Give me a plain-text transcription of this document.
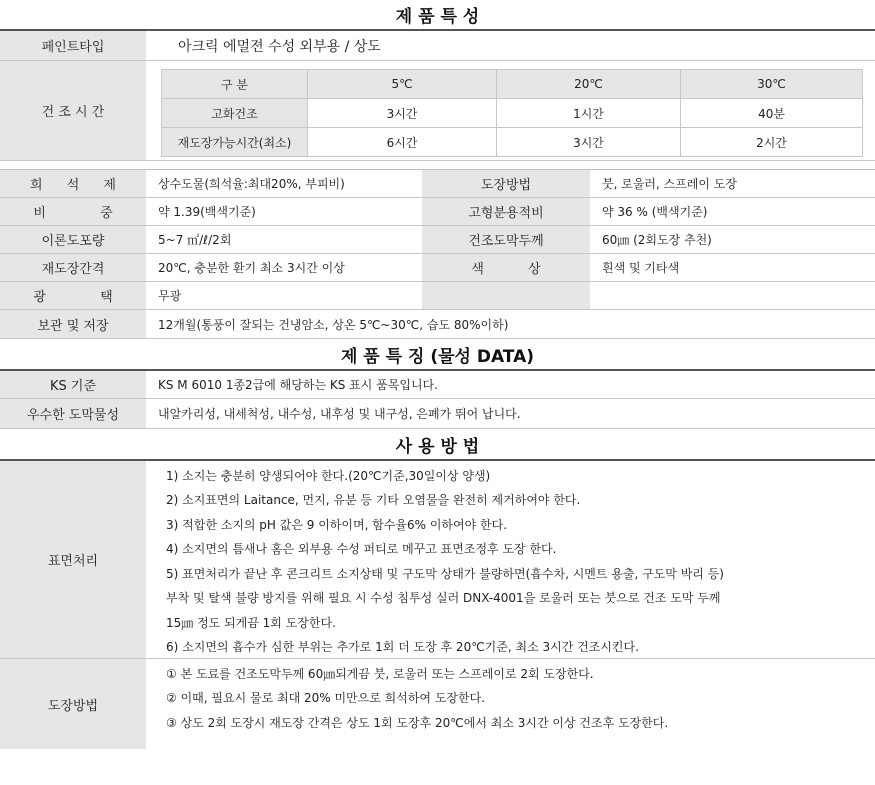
제 품 특 성
페인트타입	아크릭 에멀젼 수성 외부용 / 상도
건 조 시 간
구 분	5℃	20℃	30℃
고화건조	3시간	1시간	40분
재도장가능시간(최소)	6시간	3시간	2시간
희 석 제	상수도물(희석율:최대20%, 부피비)	도장방법	붓, 로울러, 스프레이 도장
비 중	약 1.39(백색기준)	고형분용적비	약 36 % (백색기준)
이론도포량	5~7 ㎡/ℓ/2회	건조도막두께	60㎛ (2회도장 추천)
재도장간격	20℃, 충분한 환기 최소 3시간 이상	색 상	흰색 및 기타색
광 택	무광
보관 및 저장	12개월(통풍이 잘되는 건냉암소, 상온 5℃~30℃, 습도 80%이하)
제 품 특 징 (물성 DATA)
KS 기준	KS M 6010 1종2급에 해당하는 KS 표시 품목입니다.
우수한 도막물성	내알카리성, 내세척성, 내수성, 내후성 및 내구성, 은폐가 뛰어 납니다.
사 용 방 법
표면처리
1) 소지는 충분히 양생되어야 한다.(20℃기준,30일이상 양생)
2) 소지표면의 Laitance, 먼지, 유분 등 기타 오염물을 완전히 제거하여야 한다.
3) 적합한 소지의 pH 값은 9 이하이며, 함수율6% 이하여야 한다.
4) 소지면의 틈새나 홈은 외부용 수성 퍼티로 메꾸고 표면조정후 도장 한다.
5) 표면처리가 끝난 후 콘크리트 소지상태 및 구도막 상태가 불량하면(흡수차, 시멘트 용출, 구도막 박리 등)
부착 및 탈색 불량 방지를 위해 필요 시 수성 침투성 실러 DNX-4001을 로울러 또는 붓으로 건조 도막 두께
15㎛ 정도 되게끔 1회 도장한다.
6) 소지면의 흡수가 심한 부위는 추가로 1회 더 도장 후 20℃기준, 최소 3시간 건조시킨다.
도장방법
① 본 도료를 건조도막두께 60㎛되게끔 붓, 로울러 또는 스프레이로 2회 도장한다.
② 이때, 필요시 물로 최대 20% 미만으로 희석하여 도장한다.
③ 상도 2회 도장시 재도장 간격은 상도 1회 도장후 20℃에서 최소 3시간 이상 건조후 도장한다.
